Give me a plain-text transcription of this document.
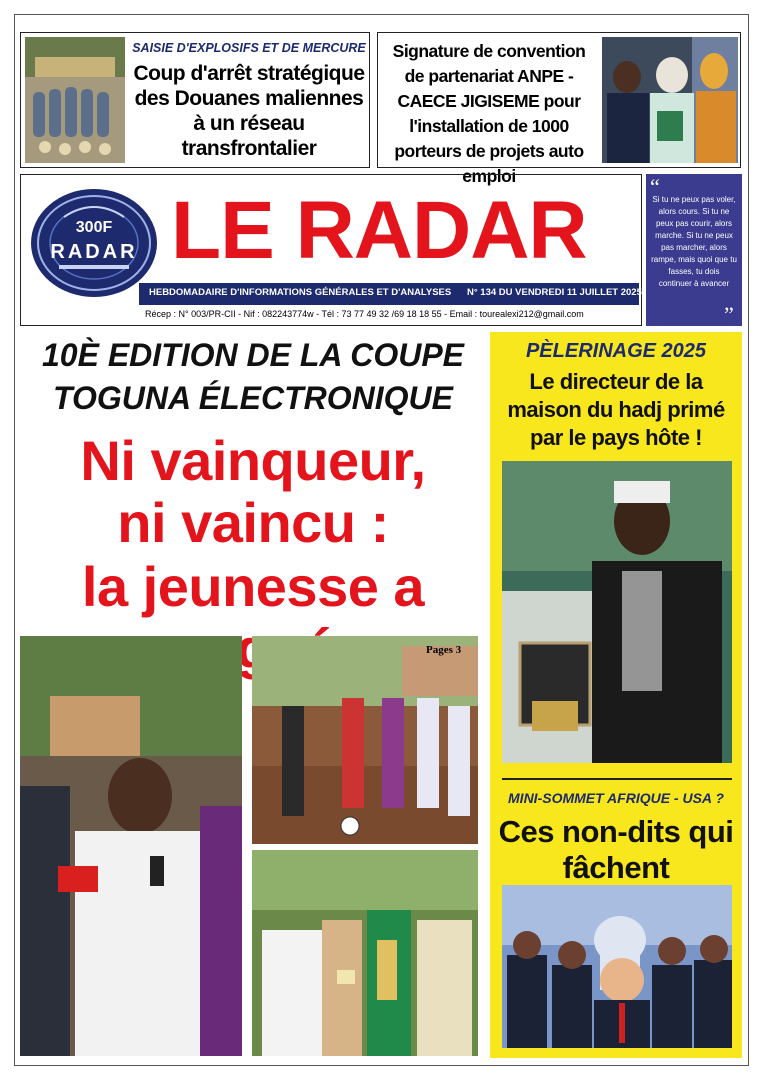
SAISIE D'EXPLOSIFS ET DE MERCURE
Coup d'arrêt stratégique des Douanes maliennes à un réseau transfrontalier
Signature de convention de partenariat ANPE -CAECE JIGISEME pour l'installation de 1000 porteurs de projets auto emploi
300F
RADAR LE RADAR
HEBDOMADAIRE D'INFORMATIONS GÉNÉRALES ET D'ANALYSES	N° 134 DU VENDREDI 11 JUILLET 2025
Récep : N° 003/PR-CII - Nif : 082243774w - Tél : 73 77 49 32 /69 18 18 55 - Email : tourealexi212@gmail.com
“
Si tu ne peux pas voler, alors cours. Si tu ne peux pas courir, alors marche. Si tu ne peux pas marcher, alors rampe, mais quoi que tu fasses, tu dois continuer à avancer
”
10È EDITION DE LA COUPE
TOGUNA ÉLECTRONIQUE
Ni vainqueur,
ni vaincu :
la jeunesse a
Pages 3
PÈLERINAGE 2025
Le directeur de la maison du hadj primé par le pays hôte !
MINI-SOMMET AFRIQUE - USA ?
Ces non-dits qui fâchent
